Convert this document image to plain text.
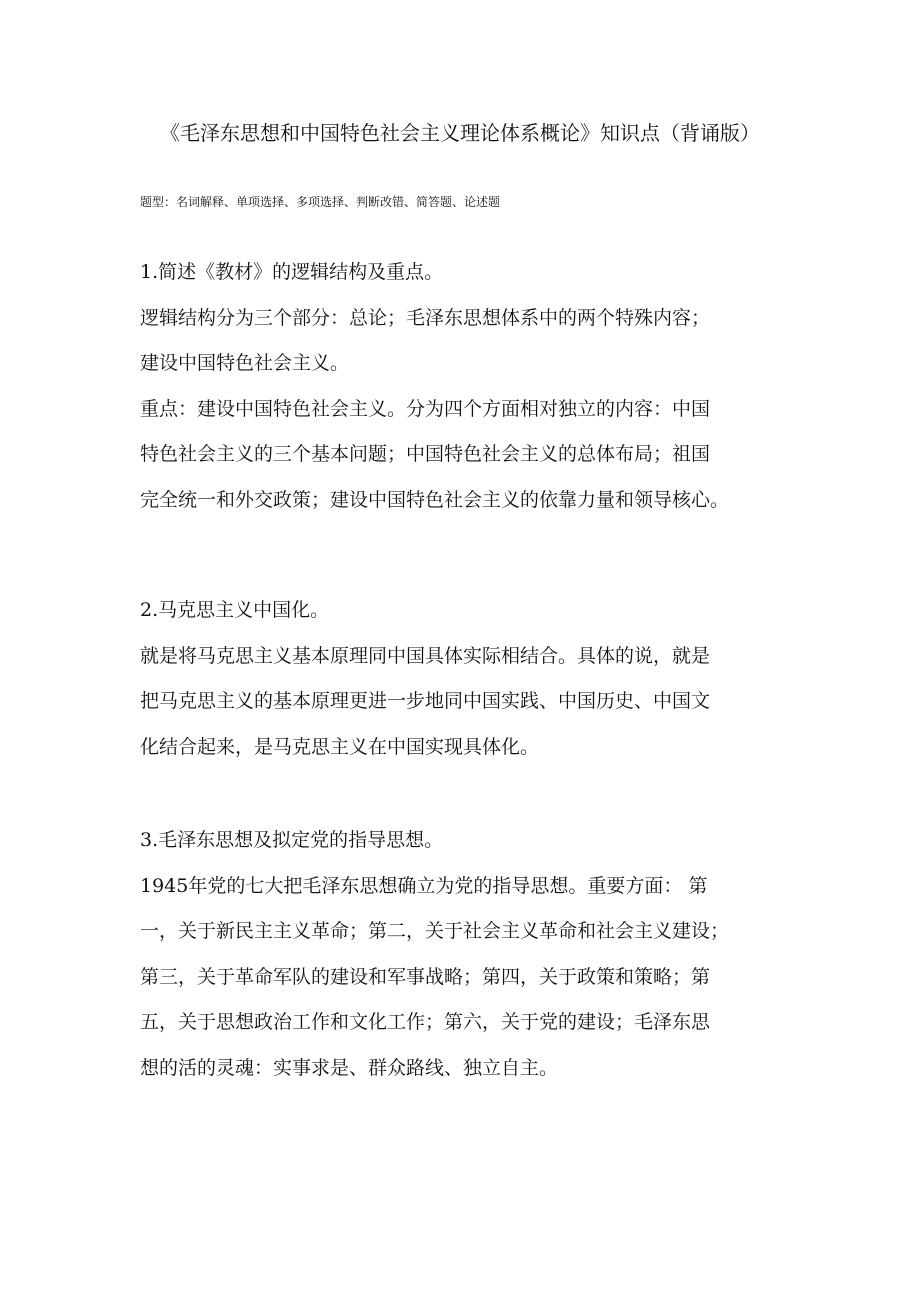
《毛泽东思想和中国特色社会主义理论体系概论》知识点（背诵版）
题型：名词解释、单项选择、多项选择、判断改错、简答题、论述题
1.简述《教材》的逻辑结构及重点。
逻辑结构分为三个部分：总论；毛泽东思想体系中的两个特殊内容；
建设中国特色社会主义。
重点：建设中国特色社会主义。分为四个方面相对独立的内容：中国
特色社会主义的三个基本问题；中国特色社会主义的总体布局；祖国
完全统一和外交政策；建设中国特色社会主义的依靠力量和领导核心。
2.马克思主义中国化。
就是将马克思主义基本原理同中国具体实际相结合。具体的说，就是
把马克思主义的基本原理更进一步地同中国实践、中国历史、中国文
化结合起来，是马克思主义在中国实现具体化。
3.毛泽东思想及拟定党的指导思想。
1945年党的七大把毛泽东思想确立为党的指导思想。重要方面： 第
一，关于新民主主义革命；第二，关于社会主义革命和社会主义建设；
第三，关于革命军队的建设和军事战略；第四，关于政策和策略；第
五，关于思想政治工作和文化工作；第六，关于党的建设；毛泽东思
想的活的灵魂：实事求是、群众路线、独立自主。
